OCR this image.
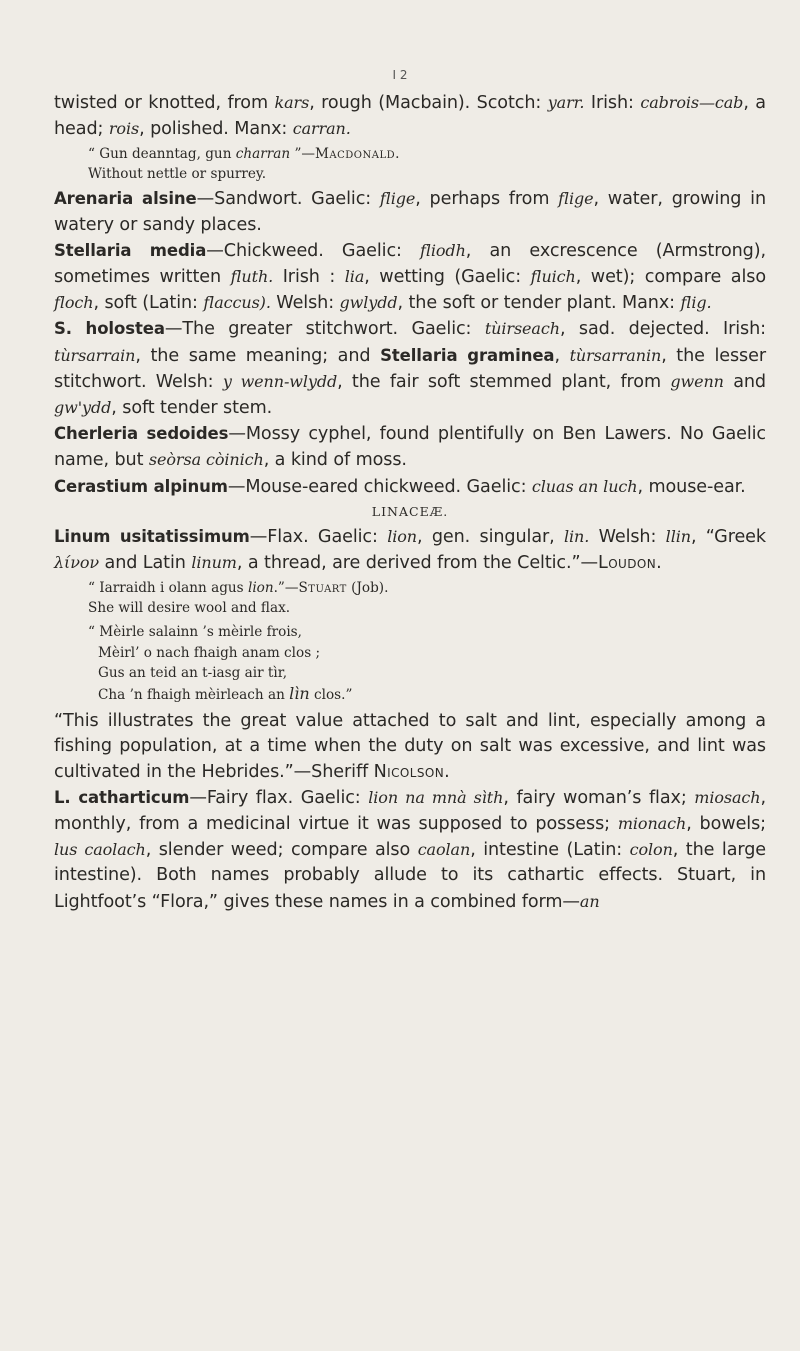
I 2

twisted or knotted, from kars, rough (Macbain). Scotch: yarr. Irish: cabrois—cab, a head; rois, polished. Manx: carran.

“ Gun deanntag, gun charran ”—Macdonald.
Without nettle or spurrey.

Arenaria alsine—Sandwort. Gaelic: flige, perhaps from flige, water, growing in watery or sandy places.

Stellaria media—Chickweed. Gaelic: fliodh, an excrescence (Armstrong), sometimes written fluth. Irish : lia, wetting (Gaelic: fluich, wet); compare also floch, soft (Latin: flaccus). Welsh: gwlydd, the soft or tender plant. Manx: flig.

S. holostea—The greater stitchwort. Gaelic: tùirseach, sad. dejected. Irish: tùrsarrain, the same meaning; and Stellaria graminea, tùrsarranin, the lesser stitchwort. Welsh: y wenn-wlydd, the fair soft stemmed plant, from gwenn and gw'ydd, soft tender stem.

Cherleria sedoides—Mossy cyphel, found plentifully on Ben Lawers. No Gaelic name, but seòrsa còinich, a kind of moss.

Cerastium alpinum—Mouse-eared chickweed. Gaelic: cluas an luch, mouse-ear.

LINACEÆ.

Linum usitatissimum—Flax. Gaelic: lion, gen. singular, lin. Welsh: llin, “Greek λίνον and Latin linum, a thread, are derived from the Celtic.”—Loudon.

“ Iarraidh i olann agus lion.”—Stuart (Job).
She will desire wool and flax.
“ Mèirle salainn ’s mèirle frois,
Mèirl’ o nach fhaigh anam clos ;
Gus an teid an t-iasg air tìr,
Cha ’n fhaigh mèirleach an lìn clos.”

“This illustrates the great value attached to salt and lint, especially among a fishing population, at a time when the duty on salt was excessive, and lint was cultivated in the Hebrides.”—Sheriff Nicolson.

L. catharticum—Fairy flax. Gaelic: lion na mnà sìth, fairy woman’s flax; miosach, monthly, from a medicinal virtue it was supposed to possess; mionach, bowels; lus caolach, slender weed; compare also caolan, intestine (Latin: colon, the large intestine). Both names probably allude to its cathartic effects. Stuart, in Lightfoot’s “Flora,” gives these names in a combined form—an
